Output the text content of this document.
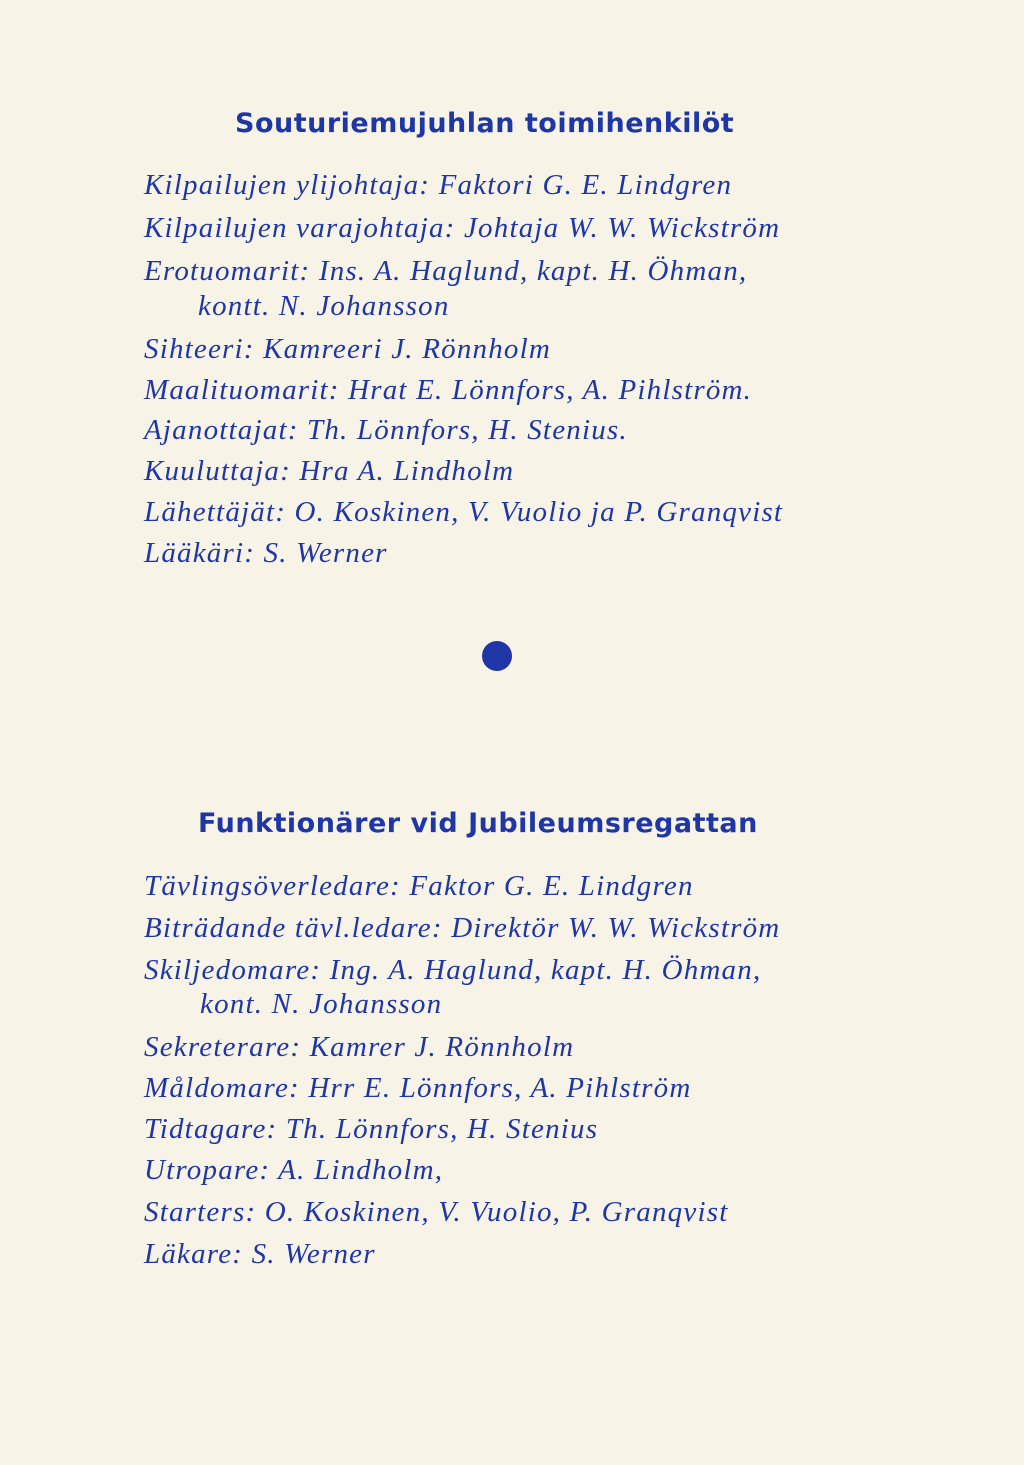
Souturiemujuhlan toimihenkilöt
Kilpailujen ylijohtaja: Faktori G. E. Lindgren
Kilpailujen varajohtaja: Johtaja W. W. Wickström
Erotuomarit: Ins. A. Haglund, kapt. H. Öhman,
kontt. N. Johansson
Sihteeri: Kamreeri J. Rönnholm
Maalituomarit: Hrat E. Lönnfors, A. Pihlström.
Ajanottajat: Th. Lönnfors, H. Stenius.
Kuuluttaja: Hra A. Lindholm
Lähettäjät: O. Koskinen, V. Vuolio ja P. Granqvist
Lääkäri: S. Werner
Funktionärer vid Jubileumsregattan
Tävlingsöverledare: Faktor G. E. Lindgren
Biträdande tävl.ledare: Direktör W. W. Wickström
Skiljedomare: Ing. A. Haglund, kapt. H. Öhman,
kont. N. Johansson
Sekreterare: Kamrer J. Rönnholm
Måldomare: Hrr E. Lönnfors, A. Pihlström
Tidtagare: Th. Lönnfors, H. Stenius
Utropare: A. Lindholm,
Starters: O. Koskinen, V. Vuolio, P. Granqvist
Läkare: S. Werner
